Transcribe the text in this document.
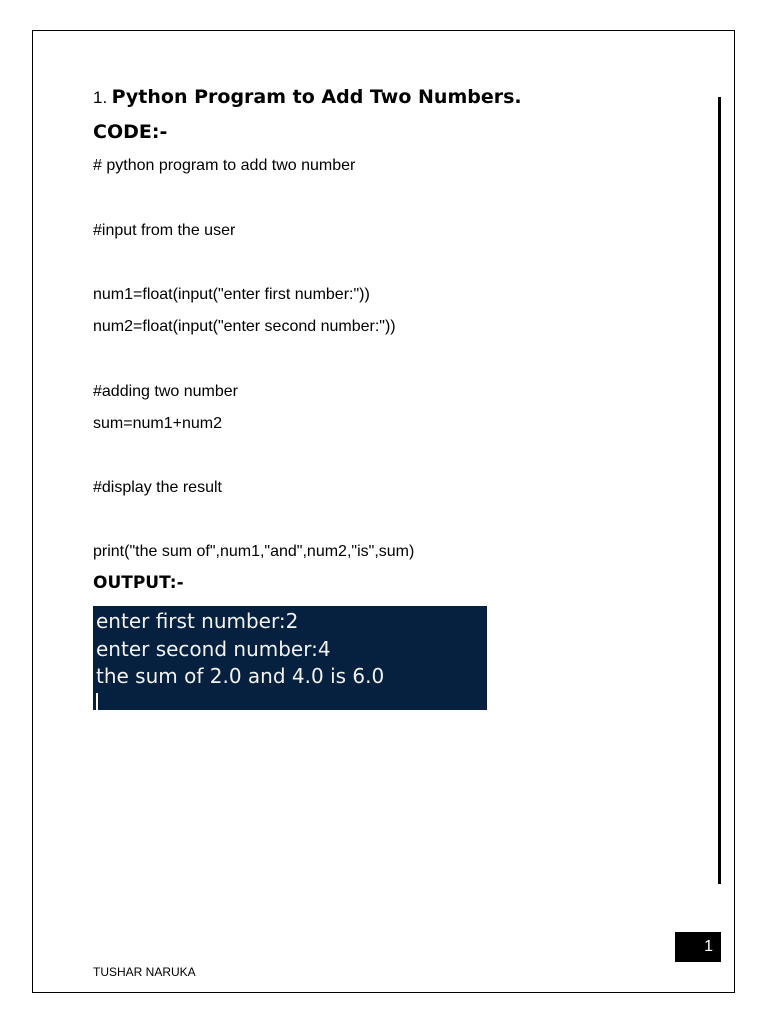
1. Python Program to Add Two Numbers.
CODE:-
# python program to add two number
#input from the user
num1=float(input("enter first number:"))
num2=float(input("enter second number:"))
#adding two number
sum=num1+num2
#display the result
print("the sum of",num1,"and",num2,"is",sum)
OUTPUT:-
enter first number:2
enter second number:4
the sum of 2.0 and 4.0 is 6.0
1
TUSHAR NARUKA
